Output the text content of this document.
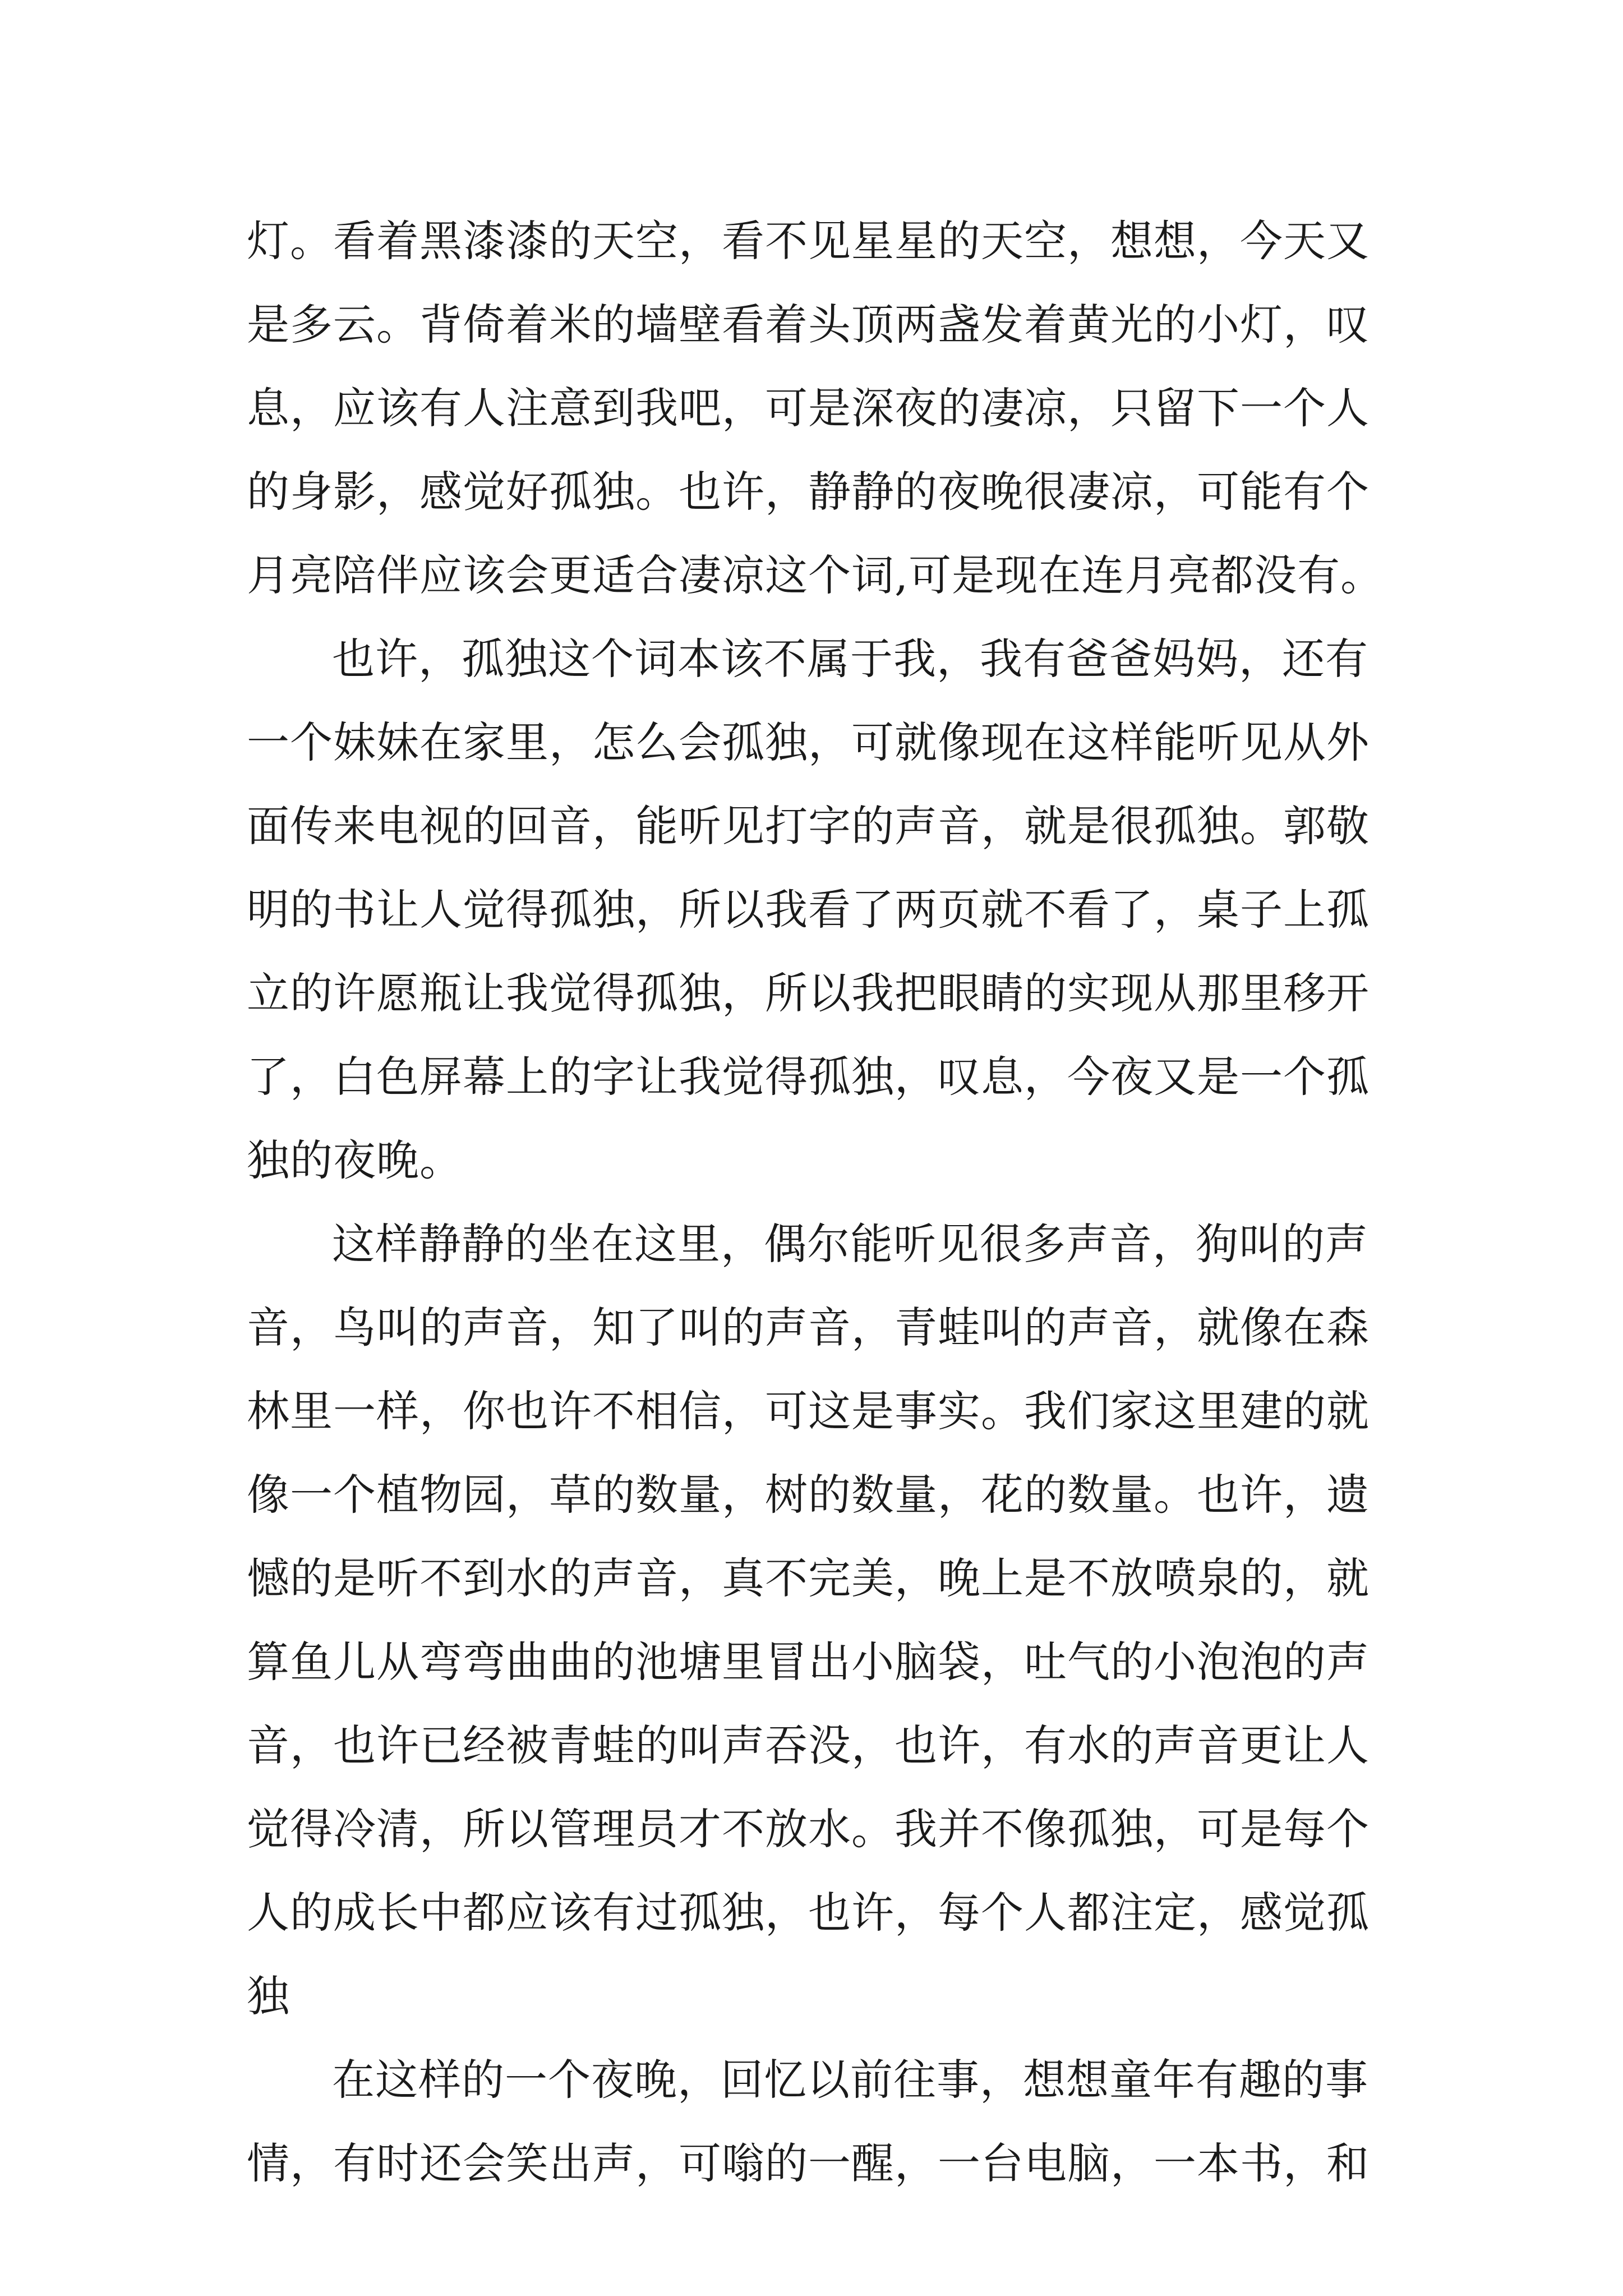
灯。看着黑漆漆的天空，看不见星星的天空，想想，今天又
是多云。背倚着米的墙壁看着头顶两盏发着黄光的小灯，叹
息，应该有人注意到我吧，可是深夜的凄凉，只留下一个人
的身影，感觉好孤独。也许，静静的夜晚很凄凉，可能有个
月亮陪伴应该会更适合凄凉这个词,可是现在连月亮都没有。
也许，孤独这个词本该不属于我，我有爸爸妈妈，还有
一个妹妹在家里，怎么会孤独，可就像现在这样能听见从外
面传来电视的回音，能听见打字的声音，就是很孤独。郭敬
明的书让人觉得孤独，所以我看了两页就不看了，桌子上孤
立的许愿瓶让我觉得孤独，所以我把眼睛的实现从那里移开
了，白色屏幕上的字让我觉得孤独，叹息，今夜又是一个孤
独的夜晚。
这样静静的坐在这里，偶尔能听见很多声音，狗叫的声
音，鸟叫的声音，知了叫的声音，青蛙叫的声音，就像在森
林里一样，你也许不相信，可这是事实。我们家这里建的就
像一个植物园，草的数量，树的数量，花的数量。也许，遗
憾的是听不到水的声音，真不完美，晚上是不放喷泉的，就
算鱼儿从弯弯曲曲的池塘里冒出小脑袋，吐气的小泡泡的声
音，也许已经被青蛙的叫声吞没，也许，有水的声音更让人
觉得冷清，所以管理员才不放水。我并不像孤独，可是每个
人的成长中都应该有过孤独，也许，每个人都注定，感觉孤
独
在这样的一个夜晚，回忆以前往事，想想童年有趣的事
情，有时还会笑出声，可嗡的一醒，一台电脑，一本书，和
